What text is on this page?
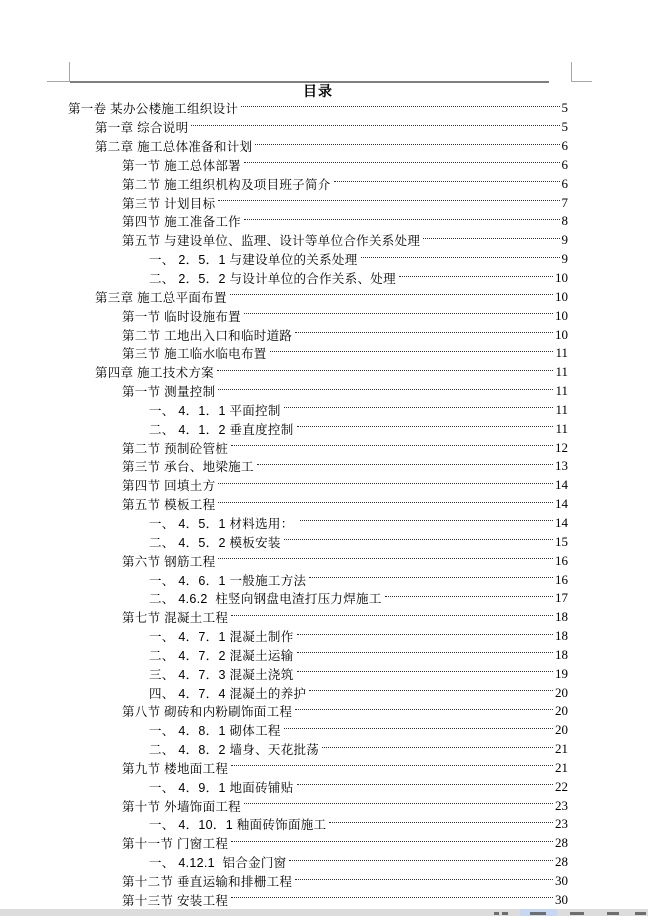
目录
第一卷 某办公楼施工组织设计	5
第一章 综合说明	5
第二章 施工总体准备和计划	6
第一节 施工总体部署	6
第二节 施工组织机构及项目班子简介	6
第三节 计划目标	7
第四节 施工准备工作	8
第五节 与建设单位、监理、设计等单位合作关系处理	9
一、 2．5．1 与建设单位的关系处理	9
二、 2．5．2 与设计单位的合作关系、处理	10
第三章 施工总平面布置	10
第一节 临时设施布置	10
第二节 工地出入口和临时道路	10
第三节 施工临水临电布置	11
第四章 施工技术方案	11
第一节 测量控制	11
一、 4．1．1 平面控制	11
二、 4．1．2 垂直度控制	11
第二节 预制砼管桩	12
第三节 承台、地梁施工	13
第四节 回填土方	14
第五节 模板工程	14
一、 4．5．1 材料选用：	14
二、 4．5．2 模板安装	15
第六节 钢筋工程	16
一、 4．6．1 一般施工方法	16
二、 4.6.2  柱竖向钢盘电渣打压力焊施工	17
第七节 混凝土工程	18
一、 4．7．1 混凝土制作	18
二、 4．7．2 混凝土运输	18
三、 4．7．3 混凝土浇筑	19
四、 4．7．4 混凝土的养护	20
第八节 砌砖和内粉刷饰面工程	20
一、 4．8．1 砌体工程	20
二、 4．8．2 墙身、天花批荡	21
第九节 楼地面工程	21
一、 4．9．1 地面砖铺贴	22
第十节 外墙饰面工程	23
一、 4．10．1 釉面砖饰面施工	23
第十一节 门窗工程	28
一、 4.12.1  铝合金门窗	28
第十二节 垂直运输和排栅工程	30
第十三节 安装工程	30
